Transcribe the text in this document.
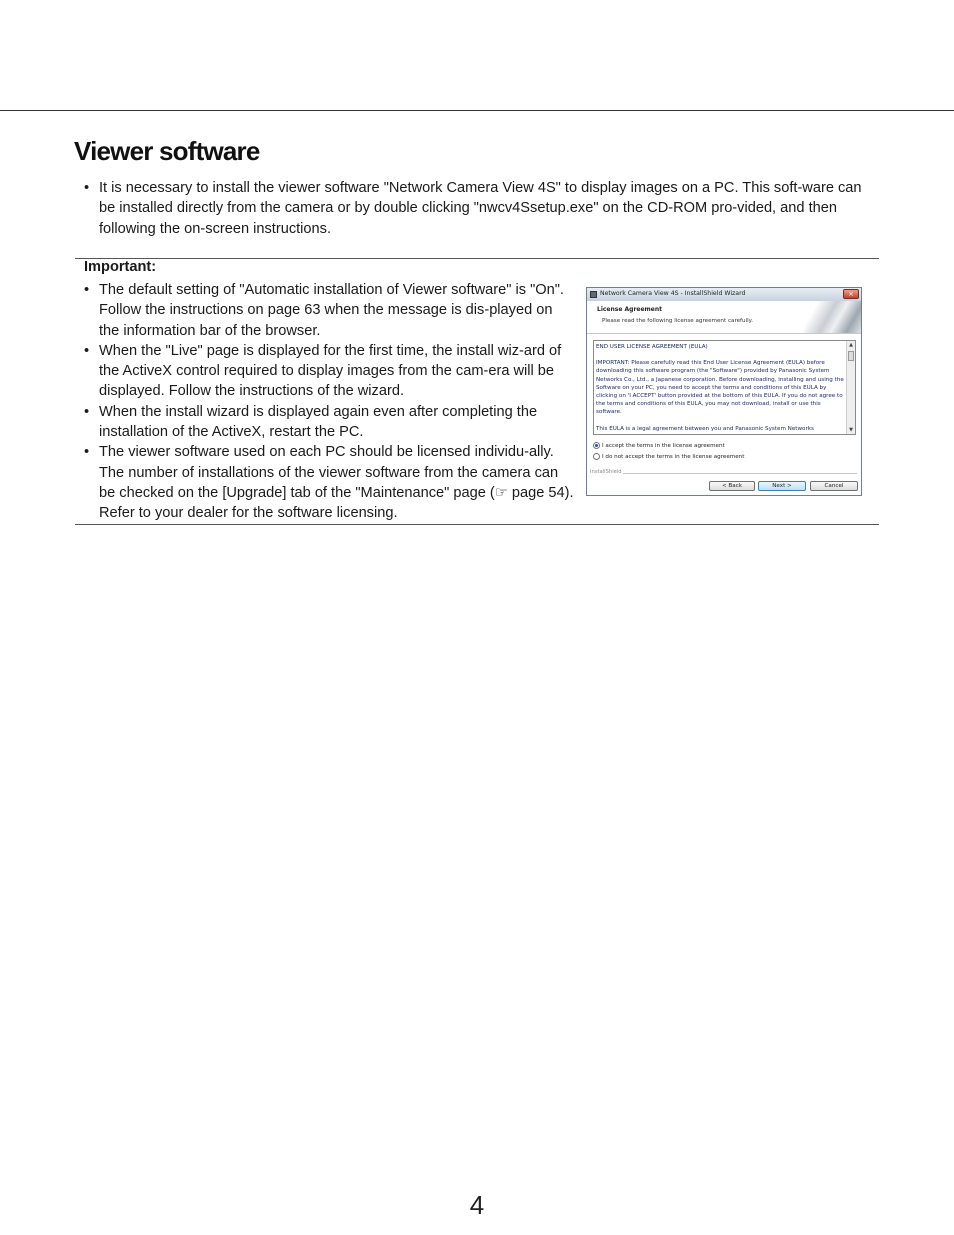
Viewer software
• It is necessary to install the viewer software "Network Camera View 4S" to display images on a PC. This soft-ware can be installed directly from the camera or by double clicking "nwcv4Ssetup.exe" on the CD-ROM pro-vided, and then following the on-screen instructions.
Important:
• The default setting of "Automatic installation of Viewer software" is "On". Follow the instructions on page 63 when the message is dis-played on the information bar of the browser.
• When the "Live" page is displayed for the first time, the install wiz-ard of the ActiveX control required to display images from the cam-era will be displayed. Follow the instructions of the wizard.
• When the install wizard is displayed again even after completing the installation of the ActiveX, restart the PC.
• The viewer software used on each PC should be licensed individu-ally. The number of installations of the viewer software from the camera can be checked on the [Upgrade] tab of the "Maintenance" page (☞ page 54). Refer to your dealer for the software licensing.
Network Camera View 4S - InstallShield Wizard	×
License Agreement
Please read the following license agreement carefully.

END USER LICENSE AGREEMENT (EULA)

IMPORTANT: Please carefully read this End User License Agreement (EULA) before downloading this software program (the "Software") provided by Panasonic System Networks Co., Ltd., a Japanese corporation. Before downloading, installing and using the Software on your PC, you need to accept the terms and conditions of this EULA by clicking on 'I ACCEPT' button provided at the bottom of this EULA. If you do not agree to the terms and conditions of this EULA, you may not download, install or use this software.

This EULA is a legal agreement between you and Panasonic System Networks

▲
▼
I accept the terms in the license agreement
I do not accept the terms in the license agreement
InstallShield
< Back	Next >	Cancel
4
